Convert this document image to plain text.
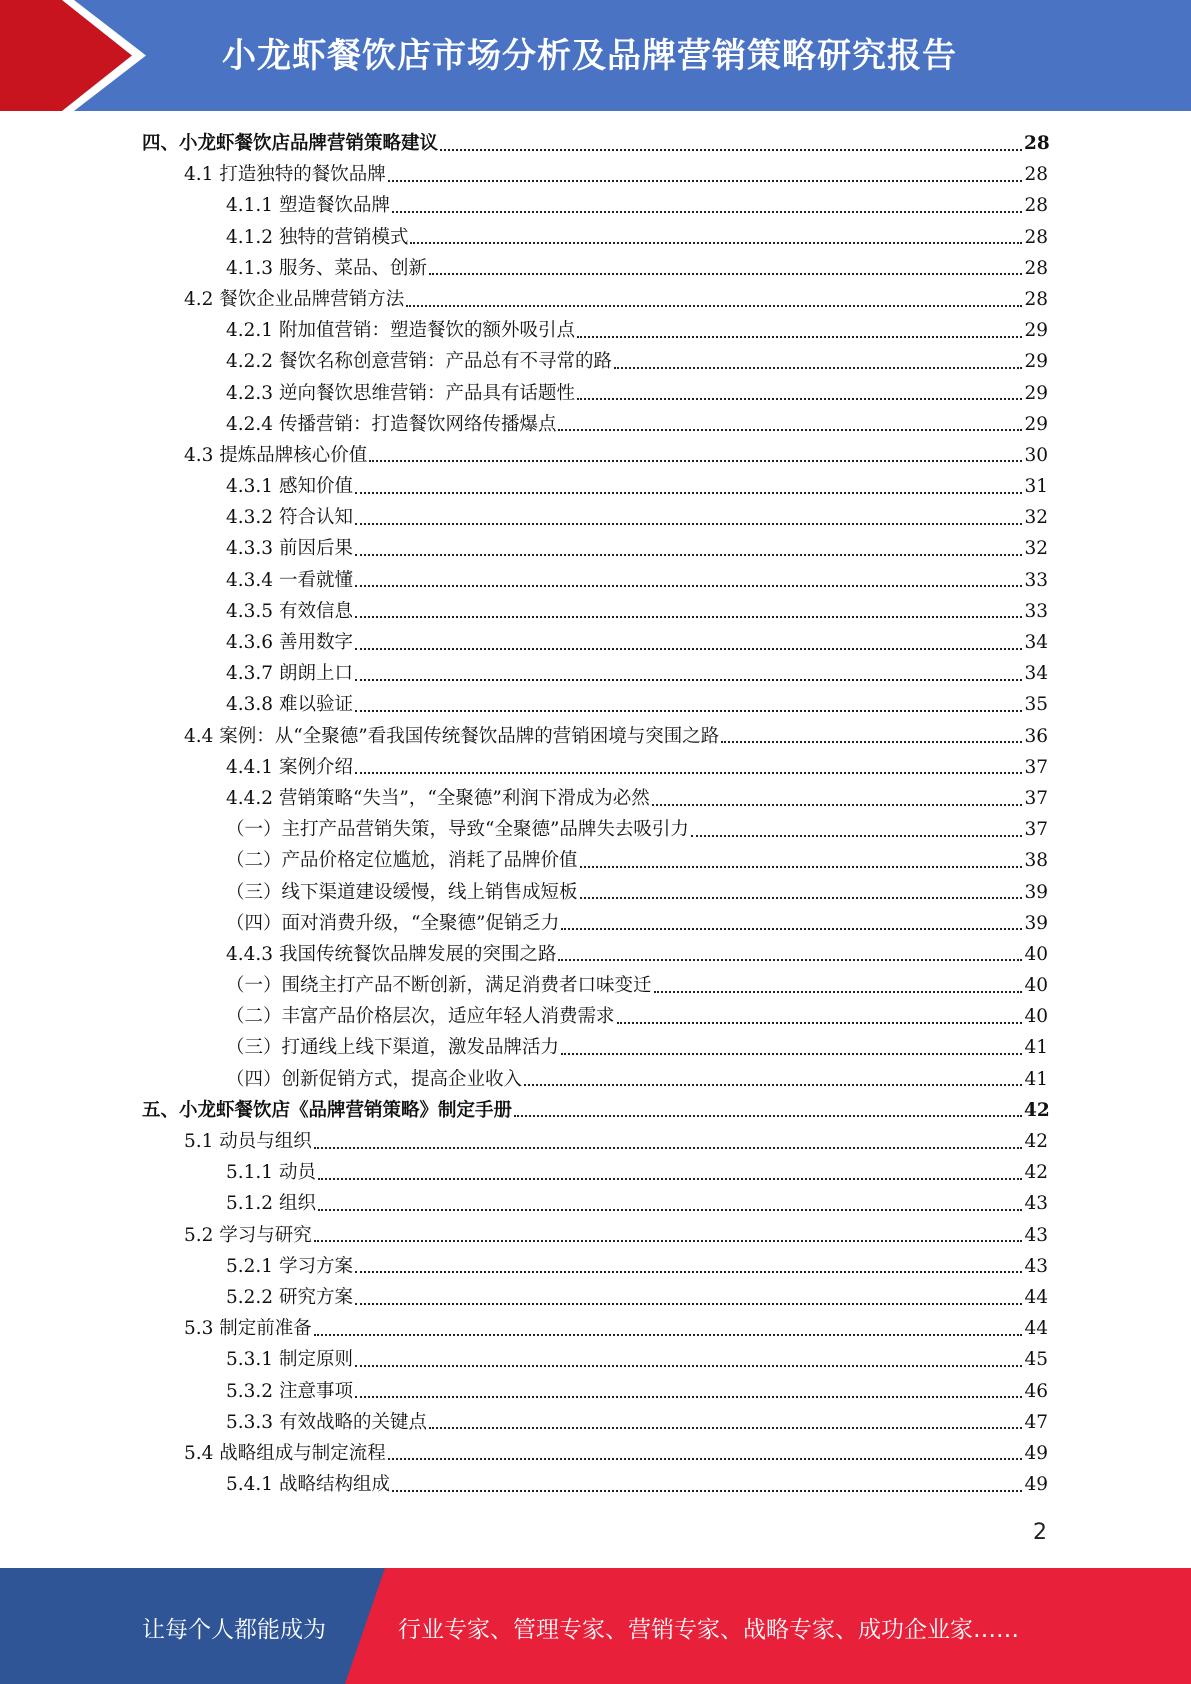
小龙虾餐饮店市场分析及品牌营销策略研究报告
四、小龙虾餐饮店品牌营销策略建议	28
4.1 打造独特的餐饮品牌	28
4.1.1 塑造餐饮品牌	28
4.1.2 独特的营销模式	28
4.1.3 服务、菜品、创新	28
4.2 餐饮企业品牌营销方法	28
4.2.1 附加值营销：塑造餐饮的额外吸引点	29
4.2.2 餐饮名称创意营销：产品总有不寻常的路	29
4.2.3 逆向餐饮思维营销：产品具有话题性	29
4.2.4 传播营销：打造餐饮网络传播爆点	29
4.3 提炼品牌核心价值	30
4.3.1 感知价值	31
4.3.2 符合认知	32
4.3.3 前因后果	32
4.3.4 一看就懂	33
4.3.5 有效信息	33
4.3.6 善用数字	34
4.3.7 朗朗上口	34
4.3.8 难以验证	35
4.4 案例：从“全聚德”看我国传统餐饮品牌的营销困境与突围之路	36
4.4.1 案例介绍	37
4.4.2 营销策略“失当”，“全聚德”利润下滑成为必然	37
（一）主打产品营销失策，导致“全聚德”品牌失去吸引力	37
（二）产品价格定位尴尬，消耗了品牌价值	38
（三）线下渠道建设缓慢，线上销售成短板	39
（四）面对消费升级，“全聚德”促销乏力	39
4.4.3 我国传统餐饮品牌发展的突围之路	40
（一）围绕主打产品不断创新，满足消费者口味变迁	40
（二）丰富产品价格层次，适应年轻人消费需求	40
（三）打通线上线下渠道，激发品牌活力	41
（四）创新促销方式，提高企业收入	41
五、小龙虾餐饮店《品牌营销策略》制定手册	42
5.1 动员与组织	42
5.1.1 动员	42
5.1.2 组织	43
5.2 学习与研究	43
5.2.1 学习方案	43
5.2.2 研究方案	44
5.3 制定前准备	44
5.3.1 制定原则	45
5.3.2 注意事项	46
5.3.3 有效战略的关键点	47
5.4 战略组成与制定流程	49
5.4.1 战略结构组成	49
2
让每个人都能成为	行业专家、管理专家、营销专家、战略专家、成功企业家……
